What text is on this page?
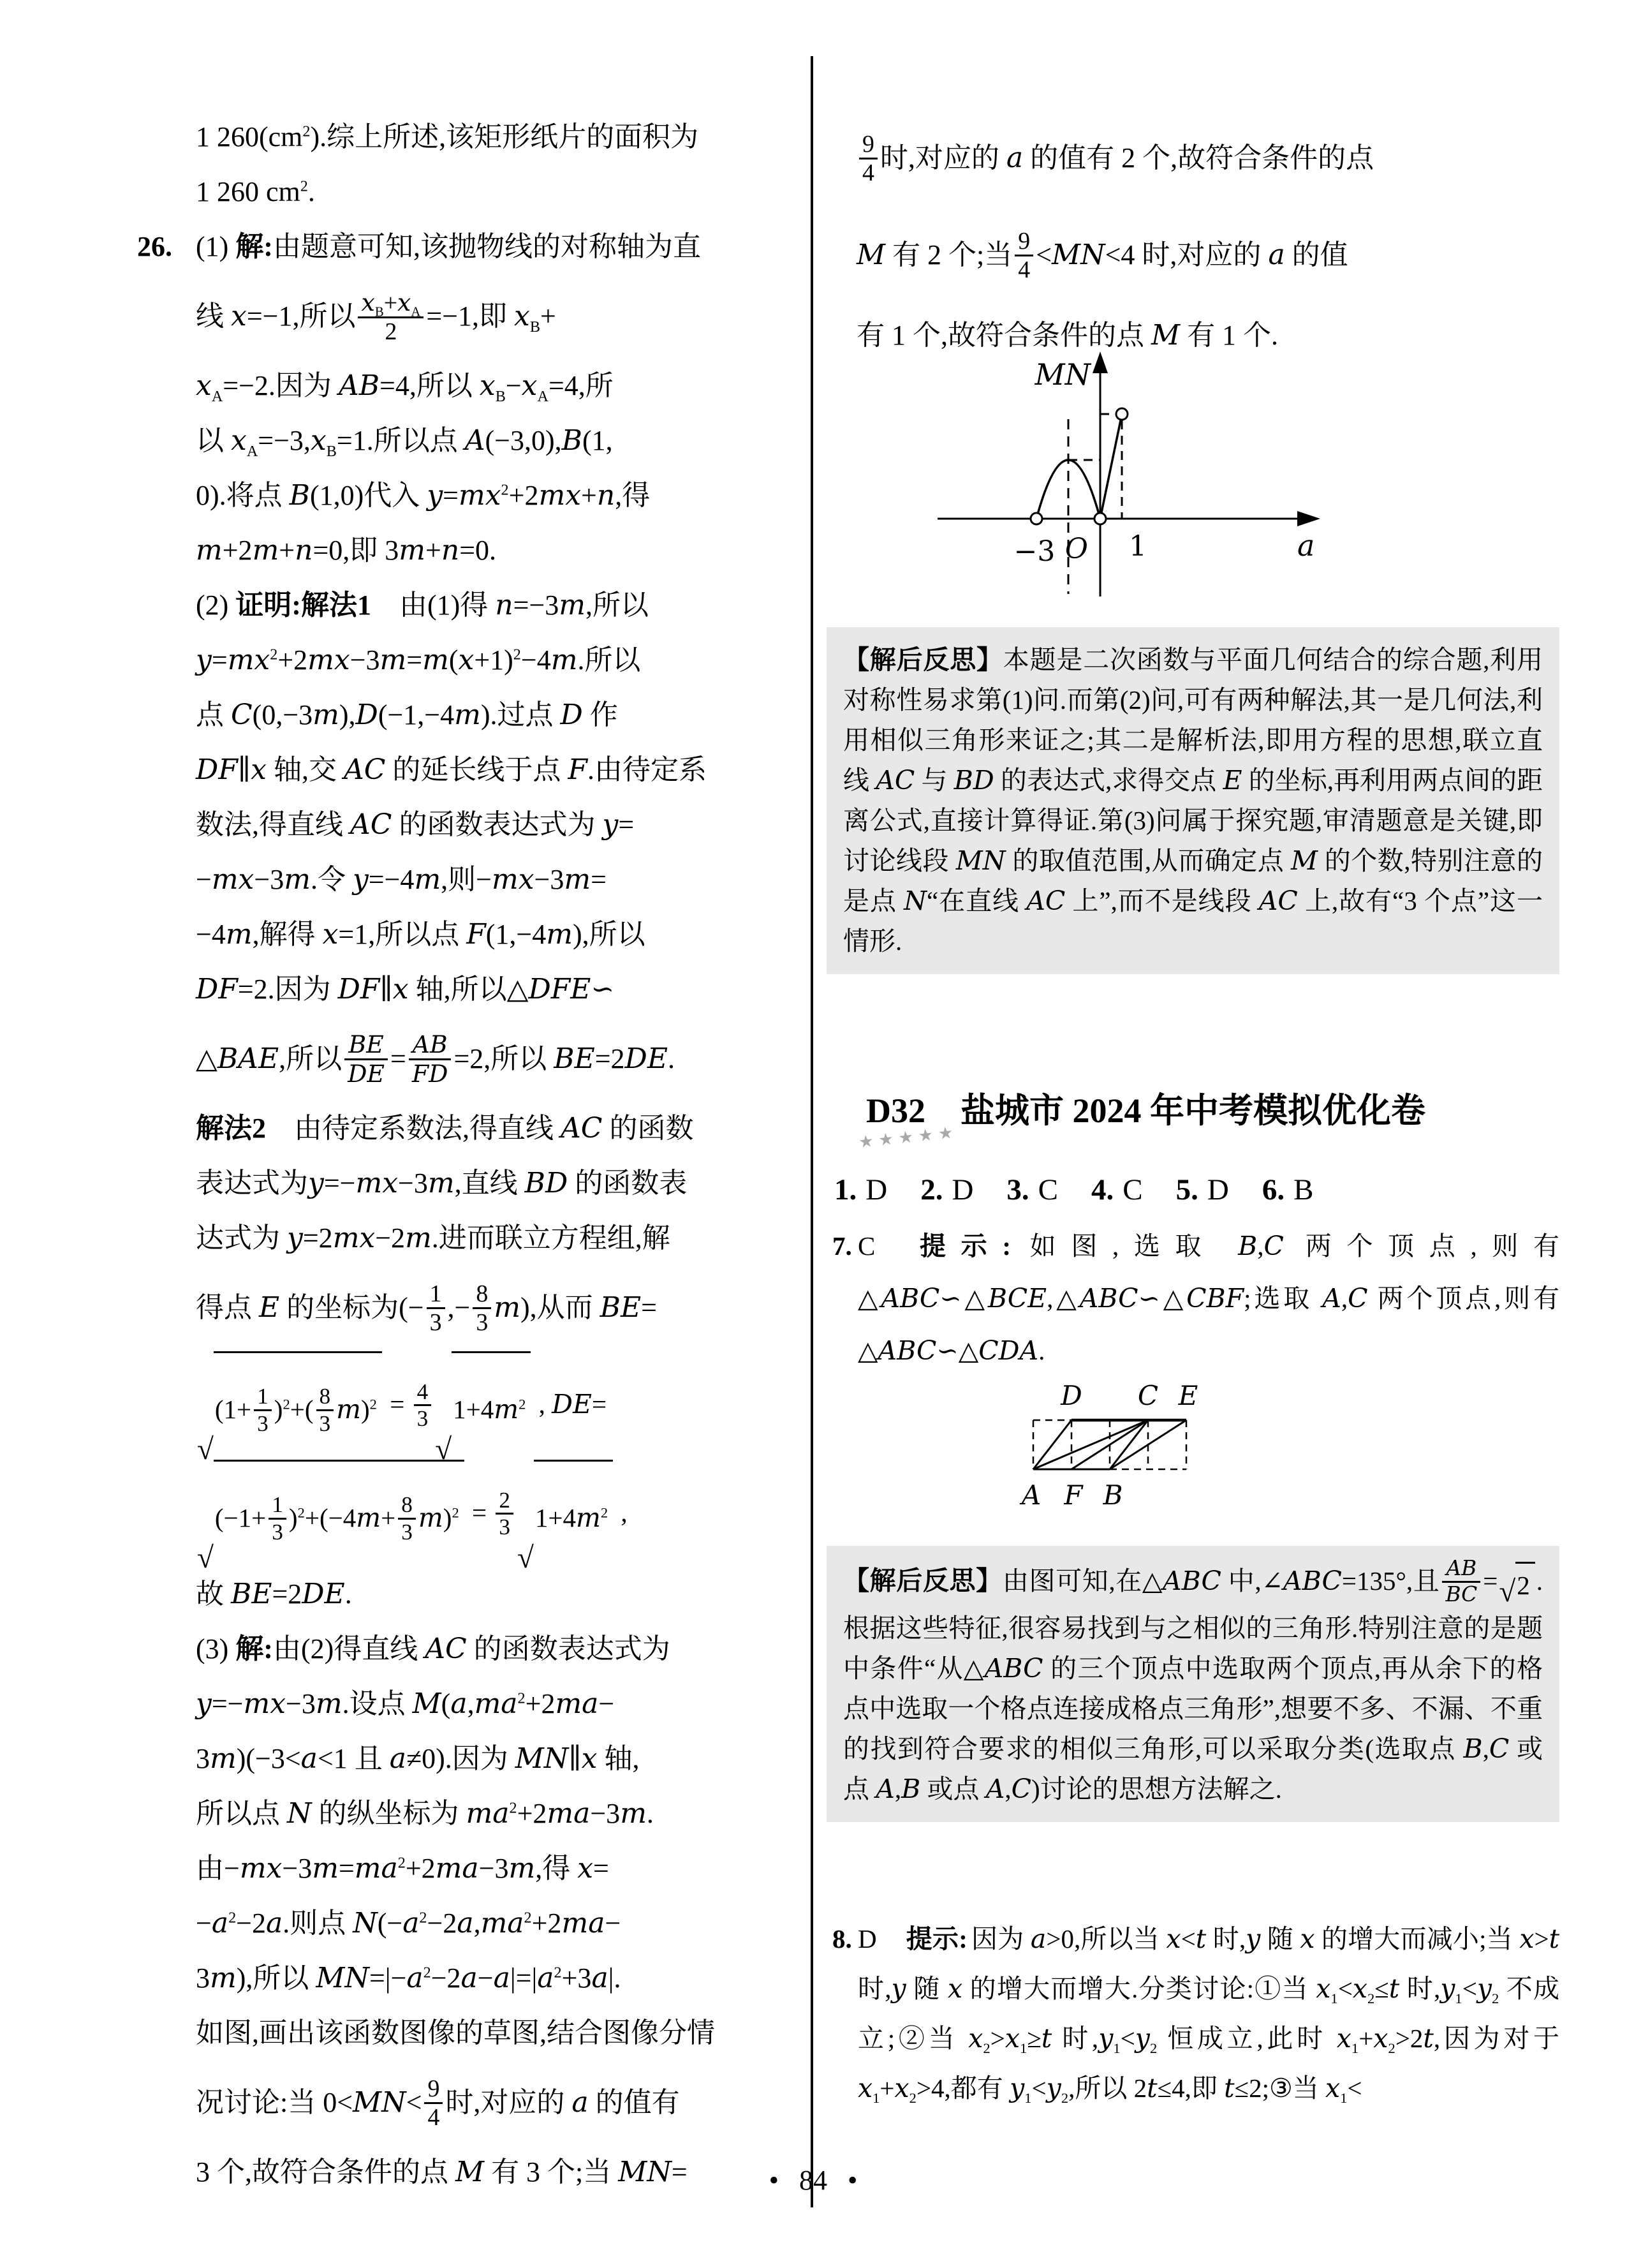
1 $260(cm^2)$.综上所述,该矩形纸片的面积为
1 260 $cm^2$.
26. (1) 解:由题意可知,该抛物线的对称轴为直
线 x=−1,所以 $\frac{x_B+x_A}{2} =-1$,即 $x_B+$
$x_A=-2$.因为 AB=4,所以 $x_B-x_A=4$,所
以 $x_A=-3,x_B=1$.所以点 A(−3,0),B(1,
0).将点 B(1,0)代入 $y=mx^2+2mx+n$,得
m+2m+n=0,即 3m+n=0.
(2) 证明:解法1　由(1)得 n=−3m,所以
$y=mx^2+2mx-3m=m(x+1)^2-4m$.所以
点 C(0,−3m),D(−1,−4m).过点 D 作
DF∥x 轴,交 AC 的延长线于点 F.由待定系
数法,得直线 AC 的函数表达式为 y=
−mx−3m.令 y=−4m,则−mx−3m=
−4m,解得 x=1,所以点 F(1,−4m),所以
DF=2.因为 DF∥x 轴,所以△DFE∽
△BAE,所以 $\frac{BE}{DE} = \frac{AB}{FD} =2$,所以 BE=2DE.
解法2　由待定系数法,得直线 AC 的函数
表达式为y=−mx−3m,直线 BD 的函数表
达式为 y=2mx−2m.进而联立方程组,解
得点 E 的坐标为(− $\frac{1}{3}$ ,− $\frac{8}{3} m$),从而 BE=
√
$(1+ \frac{1}{3} )^2+( \frac{8}{3} m)^2 = \frac{4}{3}$
√
$1+4m^2$ , DE=
√
$(-1+ \frac{1}{3} )^2+(-4m+ \frac{8}{3} m)^2 = \frac{2}{3}$
√
$1+4m^2$ ,
故 BE=2DE.
(3) 解:由(2)得直线 AC 的函数表达式为
y=−mx−3m.设点 $M(a,ma^2+2ma-$
3m)(−3<a<1 且 a≠0).因为 MN∥x 轴,
所以点 N 的纵坐标为 $ma^2+2ma-3m$.
由$-mx-3m=ma^2+2ma-3m$,得 x=
$-a^2-2a$.则点 $N(-a^2-2a,ma^2+2ma-$
3m),所以 $MN=|-a^2-2a-a|=|a^2+3a|$.
如图,画出该函数图像的草图,结合图像分情
况讨论:当 $0<MN< \frac{9}{4}$ 时,对应的 a 的值有
3 个,故符合条件的点 M 有 3 个;当 MN=
$\frac{9}{4}$ 时,对应的 a 的值有 2 个,故符合条件的点
M 有 2 个;当 $\frac{9}{4} <MN<4$ 时,对应的 a 的值
有 1 个,故符合条件的点 M 有 1 个.
MN
a
O
−3	1
【解后反思】本题是二次函数与平面几何结合的综合题,利用对称性易求第(1)问.而第(2)问,可有两种解法,其一是几何法,利用相似三角形来证之;其二是解析法,即用方程的思想,联立直线 AC 与 BD 的表达式,求得交点 E 的坐标,再利用两点间的距离公式,直接计算得证.第(3)问属于探究题,审清题意是关键,即讨论线段 MN 的取值范围,从而确定点 M 的个数,特别注意的是点 N“在直线 AC 上”,而不是线段 AC 上,故有“3 个点”这一情形.
D32
★★★★★
盐城市 2024 年中考模拟优化卷
1. D 2. D 3. C 4. C 5. D 6. B
7. C 提示: 如图,选取 B,C 两个顶点,则有△ABC∽△BCE,△ABC∽△CBF;选取 A,C 两个顶点,则有△ABC∽△CDA.
D C E
A F B
【解后反思】由图可知,在△ABC 中,∠ABC=135°,且 $\frac{AB}{BC}$ = √ 2 .根据这些特征,很容易找到与之相似的三角形.特别注意的是题中条件“从△ABC 的三个顶点中选取两个顶点,再从余下的格点中选取一个格点连接成格点三角形”,想要不多、不漏、不重的找到符合要求的相似三角形,可以采取分类(选取点 B,C 或点 A,B 或点 A,C)讨论的思想方法解之.
8. D 提示: 因为 a>0,所以当 x<t 时,y 随 x 的增大而减小;当 x>t 时,y 随 x 的增大而增大.分类讨论:①当 $x_1<x_2\le t$ 时$,y_1<y_2$ 不成立;②当 $x_2>x_1\ge t$ 时$,y_1<y_2$ 恒成立,此时 $x_1+x_2>2t$,因为对于 $x_1+x_2>4$,都有 $y_1<y_2$,所以 2t≤4,即 t≤2;③当 $x_1<$
• 84 •
